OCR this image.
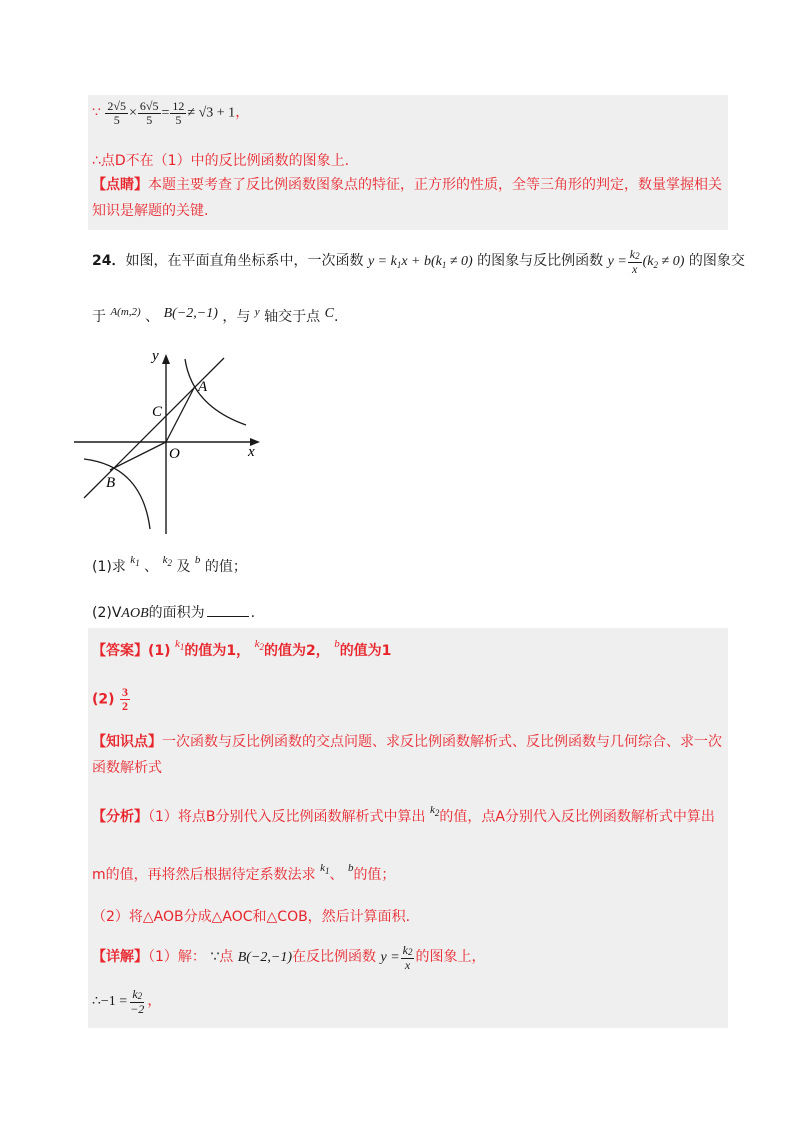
∵ $\frac{2√5}{5} \times \frac{6√5}{5} = \frac{12}{5} \ne √3 + 1$，
∴点D不在（1）中的反比例函数的图象上.
【点睛】本题主要考查了反比例函数图象点的特征，正方形的性质，全等三角形的判定，数量掌握相关知识是解题的关键.
24．如图，在平面直角坐标系中，一次函数 $y = k_1x + b(k_1 \ne 0)$ 的图象与反比例函数 $y = \frac{k2}{x} (k_2 \ne 0)$ 的图象交
于 $^{A(m,2)}$ 、 B(−2,−1) ，与 $^y$ 轴交于点 C.
y
x
A
C
O
B
(1)求 $^{k_1}$ 、 $^{k_2}$ 及 $^b$ 的值；
(2)VAOB的面积为	.
【答案】(1) $^{k_1}$的值为1， $^{k_2}$的值为2， $^b$的值为1
$(2) \frac{3}{2}$
【知识点】一次函数与反比例函数的交点问题、求反比例函数解析式、反比例函数与几何综合、求一次函数解析式
【分析】（1）将点B分别代入反比例函数解析式中算出 $^{k_2}$的值，点A分别代入反比例函数解析式中算出
m的值，再将然后根据待定系数法求 $^{k_1}$、 $^b$的值；
（2）将△AOB分成△AOC和△COB，然后计算面积.
【详解】（1）解： ∵点 B(−2,−1)在反比例函数 $y = \frac{k2}{x}$ 的图象上，
∴−1 = $\frac{k2}{-2}$ ，
